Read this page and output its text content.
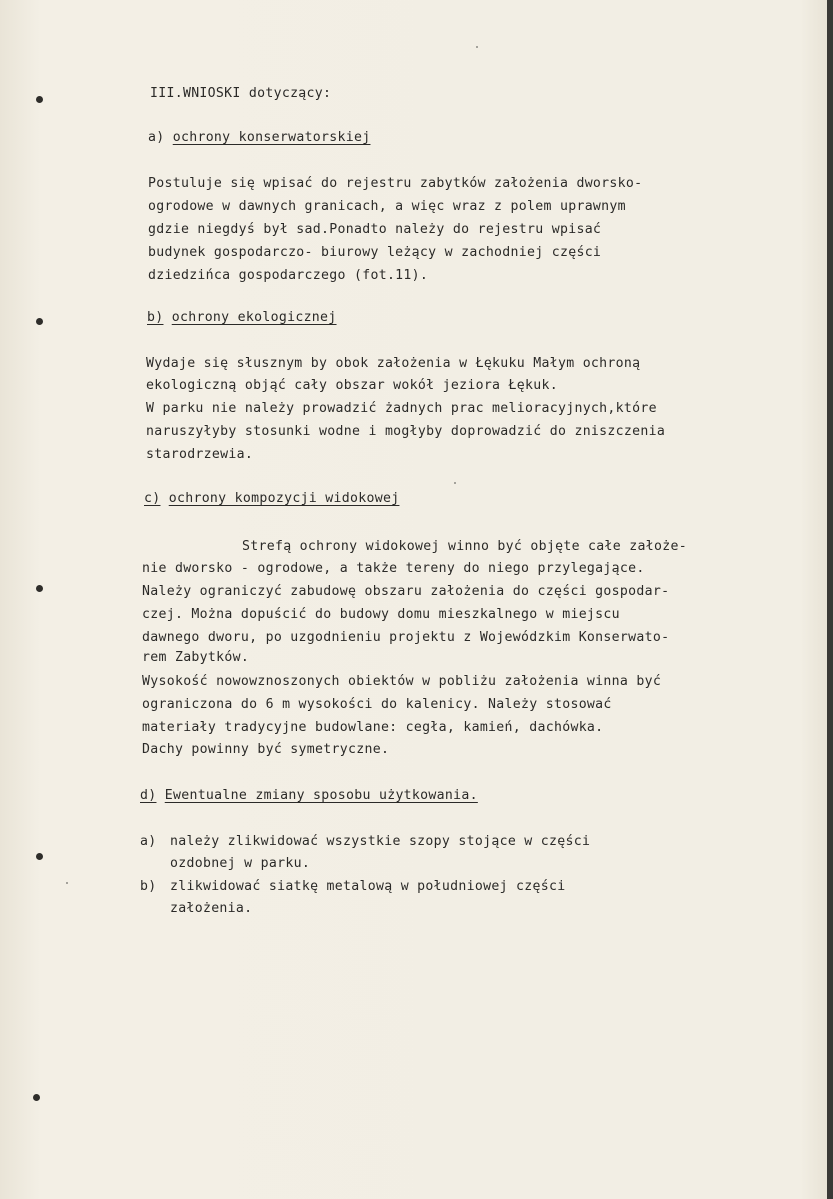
III.WNIOSKI dotyczący:
a) ochrony konserwatorskiej
Postuluje się wpisać do rejestru zabytków założenia dworsko-
ogrodowe w dawnych granicach, a więc wraz z polem uprawnym
gdzie niegdyś był sad.Ponadto należy do rejestru wpisać
budynek gospodarczo- biurowy leżący w zachodniej części
dziedzińca gospodarczego (fot.11).
b) ochrony ekologicznej
Wydaje się słusznym by obok założenia w Łękuku Małym ochroną
ekologiczną objąć cały obszar wokół jeziora Łękuk.
W parku nie należy prowadzić żadnych prac melioracyjnych,które
naruszyłyby stosunki wodne i mogłyby doprowadzić do zniszczenia
starodrzewia.
c) ochrony kompozycji widokowej
Strefą ochrony widokowej winno być objęte całe założe-
nie dworsko - ogrodowe, a także tereny do niego przylegające.
Należy ograniczyć zabudowę obszaru założenia do części gospodar-
czej. Można dopuścić do budowy domu mieszkalnego w miejscu
dawnego dworu, po uzgodnieniu projektu z Wojewódzkim Konserwato-
rem Zabytków.
Wysokość nowowznoszonych obiektów w pobliżu założenia winna być
ograniczona do 6 m wysokości do kalenicy. Należy stosować
materiały tradycyjne budowlane: cegła, kamień, dachówka.
Dachy powinny być symetryczne.
d) Ewentualne zmiany sposobu użytkowania.
a) należy zlikwidować wszystkie szopy stojące w części
ozdobnej w parku.
b) zlikwidować siatkę metalową w południowej części
założenia.
